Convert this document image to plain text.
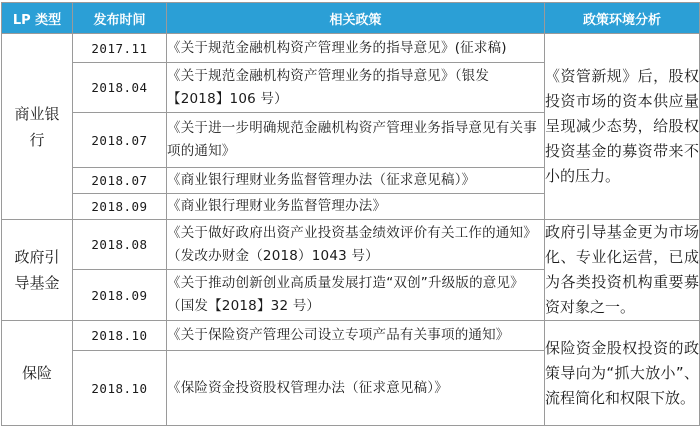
LP 类型	发布时间	相关政策	政策环境分析
商业银行	2017.11	《关于规范金融机构资产管理业务的指导意见》(征求稿)	《资管新规》后，股权投资市场的资本供应量呈现减少态势，给股权投资基金的募资带来不小的压力。
	2018.04	《关于规范金融机构资产管理业务的指导意见》（银发【2018】106 号）	
	2018.07	《关于进一步明确规范金融机构资产管理业务指导意见有关事项的通知》	
	2018.07	《商业银行理财业务监督管理办法（征求意见稿）》	
	2018.09	《商业银行理财业务监督管理办法》	
政府引导基金	2018.08	《关于做好政府出资产业投资基金绩效评价有关工作的通知》（发改办财金（2018）1043 号）	政府引导基金更为市场化、专业化运营，已成为各类投资机构重要募资对象之一。
	2018.09	《关于推动创新创业高质量发展打造“双创”升级版的意见》（国发【2018】32 号）	
保险	2018.10	《关于保险资产管理公司设立专项产品有关事项的通知》	保险资金股权投资的政策导向为“抓大放小”、流程简化和权限下放。
	2018.10	《保险资金投资股权管理办法（征求意见稿）》	
